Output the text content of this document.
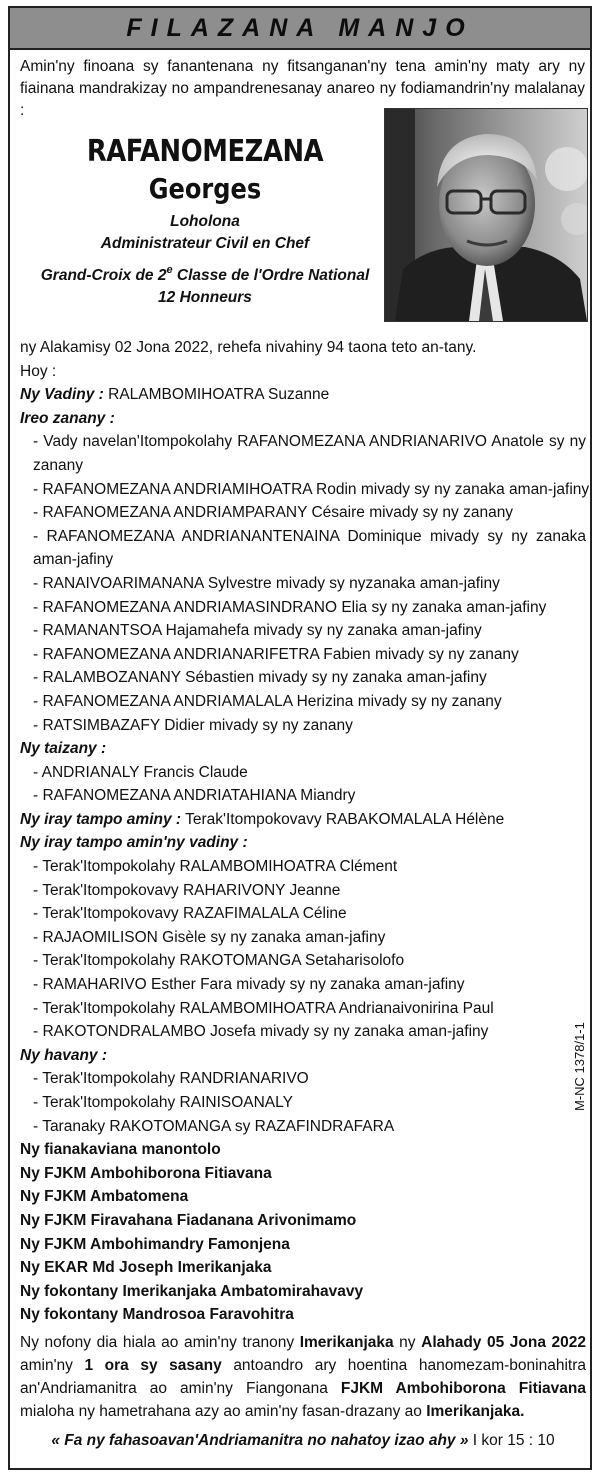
FILAZANA MANJO
Amin'ny finoana sy fanantenana ny fitsanganan'ny tena amin'ny maty ary ny fiainana mandrakizay no ampandrenesanay anareo ny fodiamandrin'ny malalanay :
RAFANOMEZANA
Georges
Loholona
Administrateur Civil en Chef
Grand-Croix de 2e Classe de l'Ordre National
12 Honneurs
ny Alakamisy 02 Jona 2022, rehefa nivahiny 94 taona teto an-tany.
Hoy :
Ny Vadiny : RALAMBOMIHOATRA Suzanne
Ireo zanany :
- Vady navelan'Itompokolahy RAFANOMEZANA ANDRIANARIVO Anatole sy ny zanany
- RAFANOMEZANA ANDRIAMIHOATRA Rodin mivady sy ny zanaka aman-jafiny
- RAFANOMEZANA ANDRIAMPARANY Césaire mivady sy ny zanany
- RAFANOMEZANA ANDRIANANTENAINA Dominique mivady sy ny zanaka aman-jafiny
- RANAIVOARIMANANA Sylvestre mivady sy nyzanaka aman-jafiny
- RAFANOMEZANA ANDRIAMASINDRANO Elia sy ny zanaka aman-jafiny
- RAMANANTSOA Hajamahefa mivady sy ny zanaka aman-jafiny
- RAFANOMEZANA ANDRIANARIFETRA Fabien mivady sy ny zanany
- RALAMBOZANANY Sébastien mivady sy ny zanaka aman-jafiny
- RAFANOMEZANA ANDRIAMALALA Herizina mivady sy ny zanany
- RATSIMBAZAFY Didier mivady sy ny zanany
Ny taizany :
- ANDRIANALY Francis Claude
- RAFANOMEZANA ANDRIATAHIANA Miandry
Ny iray tampo aminy : Terak'Itompokovavy RABAKOMALALA Hélène
Ny iray tampo amin'ny vadiny :
- Terak'Itompokolahy RALAMBOMIHOATRA Clément
- Terak'Itompokovavy RAHARIVONY Jeanne
- Terak'Itompokovavy RAZAFIMALALA Céline
- RAJAOMILISON Gisèle sy ny zanaka aman-jafiny
- Terak'Itompokolahy RAKOTOMANGA Setaharisolofo
- RAMAHARIVO Esther Fara mivady sy ny zanaka aman-jafiny
- Terak'Itompokolahy RALAMBOMIHOATRA Andrianaivonirina Paul
- RAKOTONDRALAMBO Josefa mivady sy ny zanaka aman-jafiny
Ny havany :
- Terak'Itompokolahy RANDRIANARIVO
- Terak'Itompokolahy RAINISOANALY
- Taranaky RAKOTOMANGA sy RAZAFINDRAFARA
Ny fianakaviana manontolo
Ny FJKM Ambohiborona Fitiavana
Ny FJKM Ambatomena
Ny FJKM Firavahana Fiadanana Arivonimamo
Ny FJKM Ambohimandry Famonjena
Ny EKAR Md Joseph Imerikanjaka
Ny fokontany Imerikanjaka Ambatomirahavavy
Ny fokontany Mandrosoa Faravohitra
M-NC 1378/1-1
Ny nofony dia hiala ao amin'ny tranony Imerikanjaka ny Alahady 05 Jona 2022 amin'ny 1 ora sy sasany antoandro ary hoentina hanomezam-boninahitra an'Andriamanitra ao amin'ny Fiangonana FJKM Ambohiborona Fitiavana mialoha ny hametrahana azy ao amin'ny fasan-drazany ao Imerikanjaka.
« Fa ny fahasoavan'Andriamanitra no nahatoy izao ahy » I kor 15 : 10
